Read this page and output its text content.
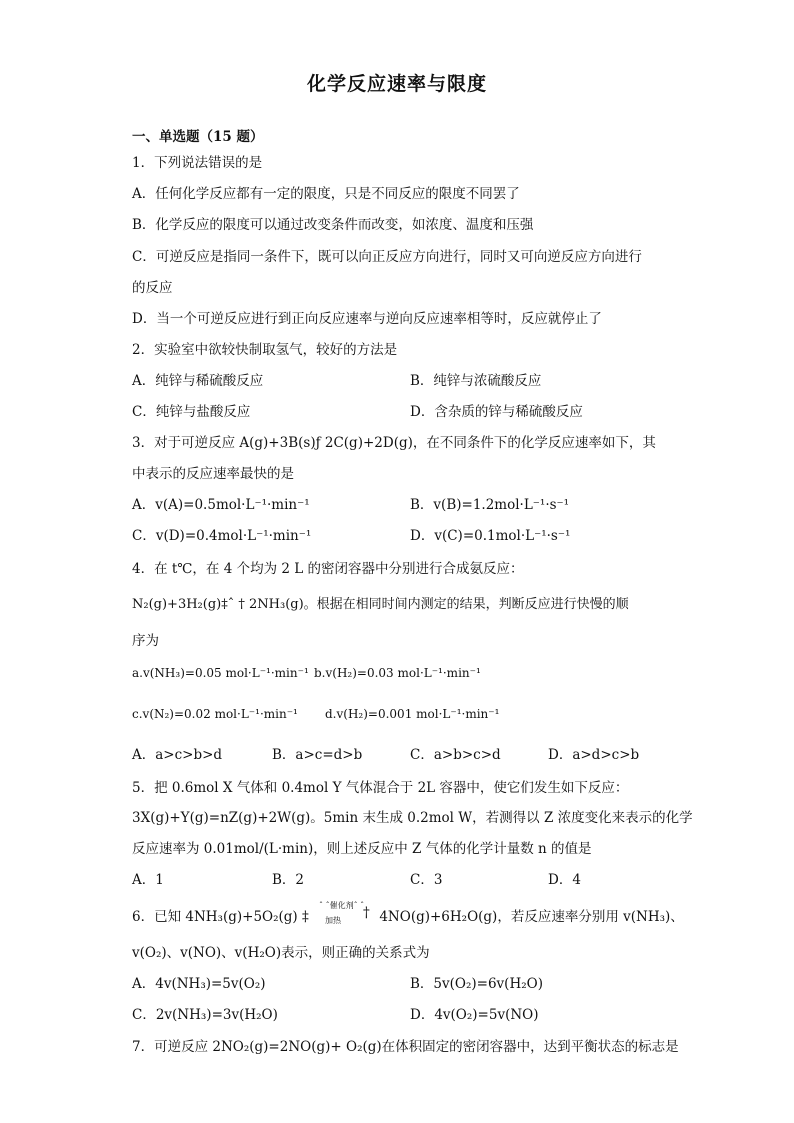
化学反应速率与限度
一、单选题（15 题）
1．下列说法错误的是
A．任何化学反应都有一定的限度，只是不同反应的限度不同罢了
B．化学反应的限度可以通过改变条件而改变，如浓度、温度和压强
C．可逆反应是指同一条件下，既可以向正反应方向进行，同时又可向逆反应方向进行
的反应
D．当一个可逆反应进行到正向反应速率与逆向反应速率相等时，反应就停止了
2．实验室中欲较快制取氢气，较好的方法是
A．纯锌与稀硫酸反应	B．纯锌与浓硫酸反应
C．纯锌与盐酸反应	D．含杂质的锌与稀硫酸反应
3．对于可逆反应 A(g)+3B(s)ƒ 2C(g)+2D(g)，在不同条件下的化学反应速率如下，其
中表示的反应速率最快的是
A．v(A)=0.5mol·L⁻¹·min⁻¹	B．v(B)=1.2mol·L⁻¹·s⁻¹
C．v(D)=0.4mol·L⁻¹·min⁻¹	D．v(C)=0.1mol·L⁻¹·s⁻¹
4．在 t℃，在 4 个均为 2 L 的密闭容器中分别进行合成氨反应：
N₂(g)+3H₂(g)‡ˆ † 2NH₃(g)。根据在相同时间内测定的结果，判断反应进行快慢的顺
序为
a.v(NH₃)=0.05 mol·L⁻¹·min⁻¹ b.v(H₂)=0.03 mol·L⁻¹·min⁻¹
c.v(N₂)=0.02 mol·L⁻¹·min⁻¹ d.v(H₂)=0.001 mol·L⁻¹·min⁻¹
A．a>c>b>d	B．a>c=d>b	C．a>b>c>d	D．a>d>c>b
5．把 0.6mol X 气体和 0.4mol Y 气体混合于 2L 容器中，使它们发生如下反应：
3X(g)+Y(g)=nZ(g)+2W(g)。5min 末生成 0.2mol W，若测得以 Z 浓度变化来表示的化学
反应速率为 0.01mol/(L·min)，则上述反应中 Z 气体的化学计量数 n 的值是
A．1	B．2	C．3	D．4
6．已知 4NH₃(g)+5O₂(g) ‡
ˆ ˆ催化剂ˆ ˆ
加热 † 4NO(g)+6H₂O(g)，若反应速率分别用 v(NH₃)、
v(O₂)、v(NO)、v(H₂O)表示，则正确的关系式为
A．4v(NH₃)=5v(O₂)	B．5v(O₂)=6v(H₂O)
C．2v(NH₃)=3v(H₂O)	D．4v(O₂)=5v(NO)
7．可逆反应 2NO₂(g)=2NO(g)+ O₂(g)在体积固定的密闭容器中，达到平衡状态的标志是
